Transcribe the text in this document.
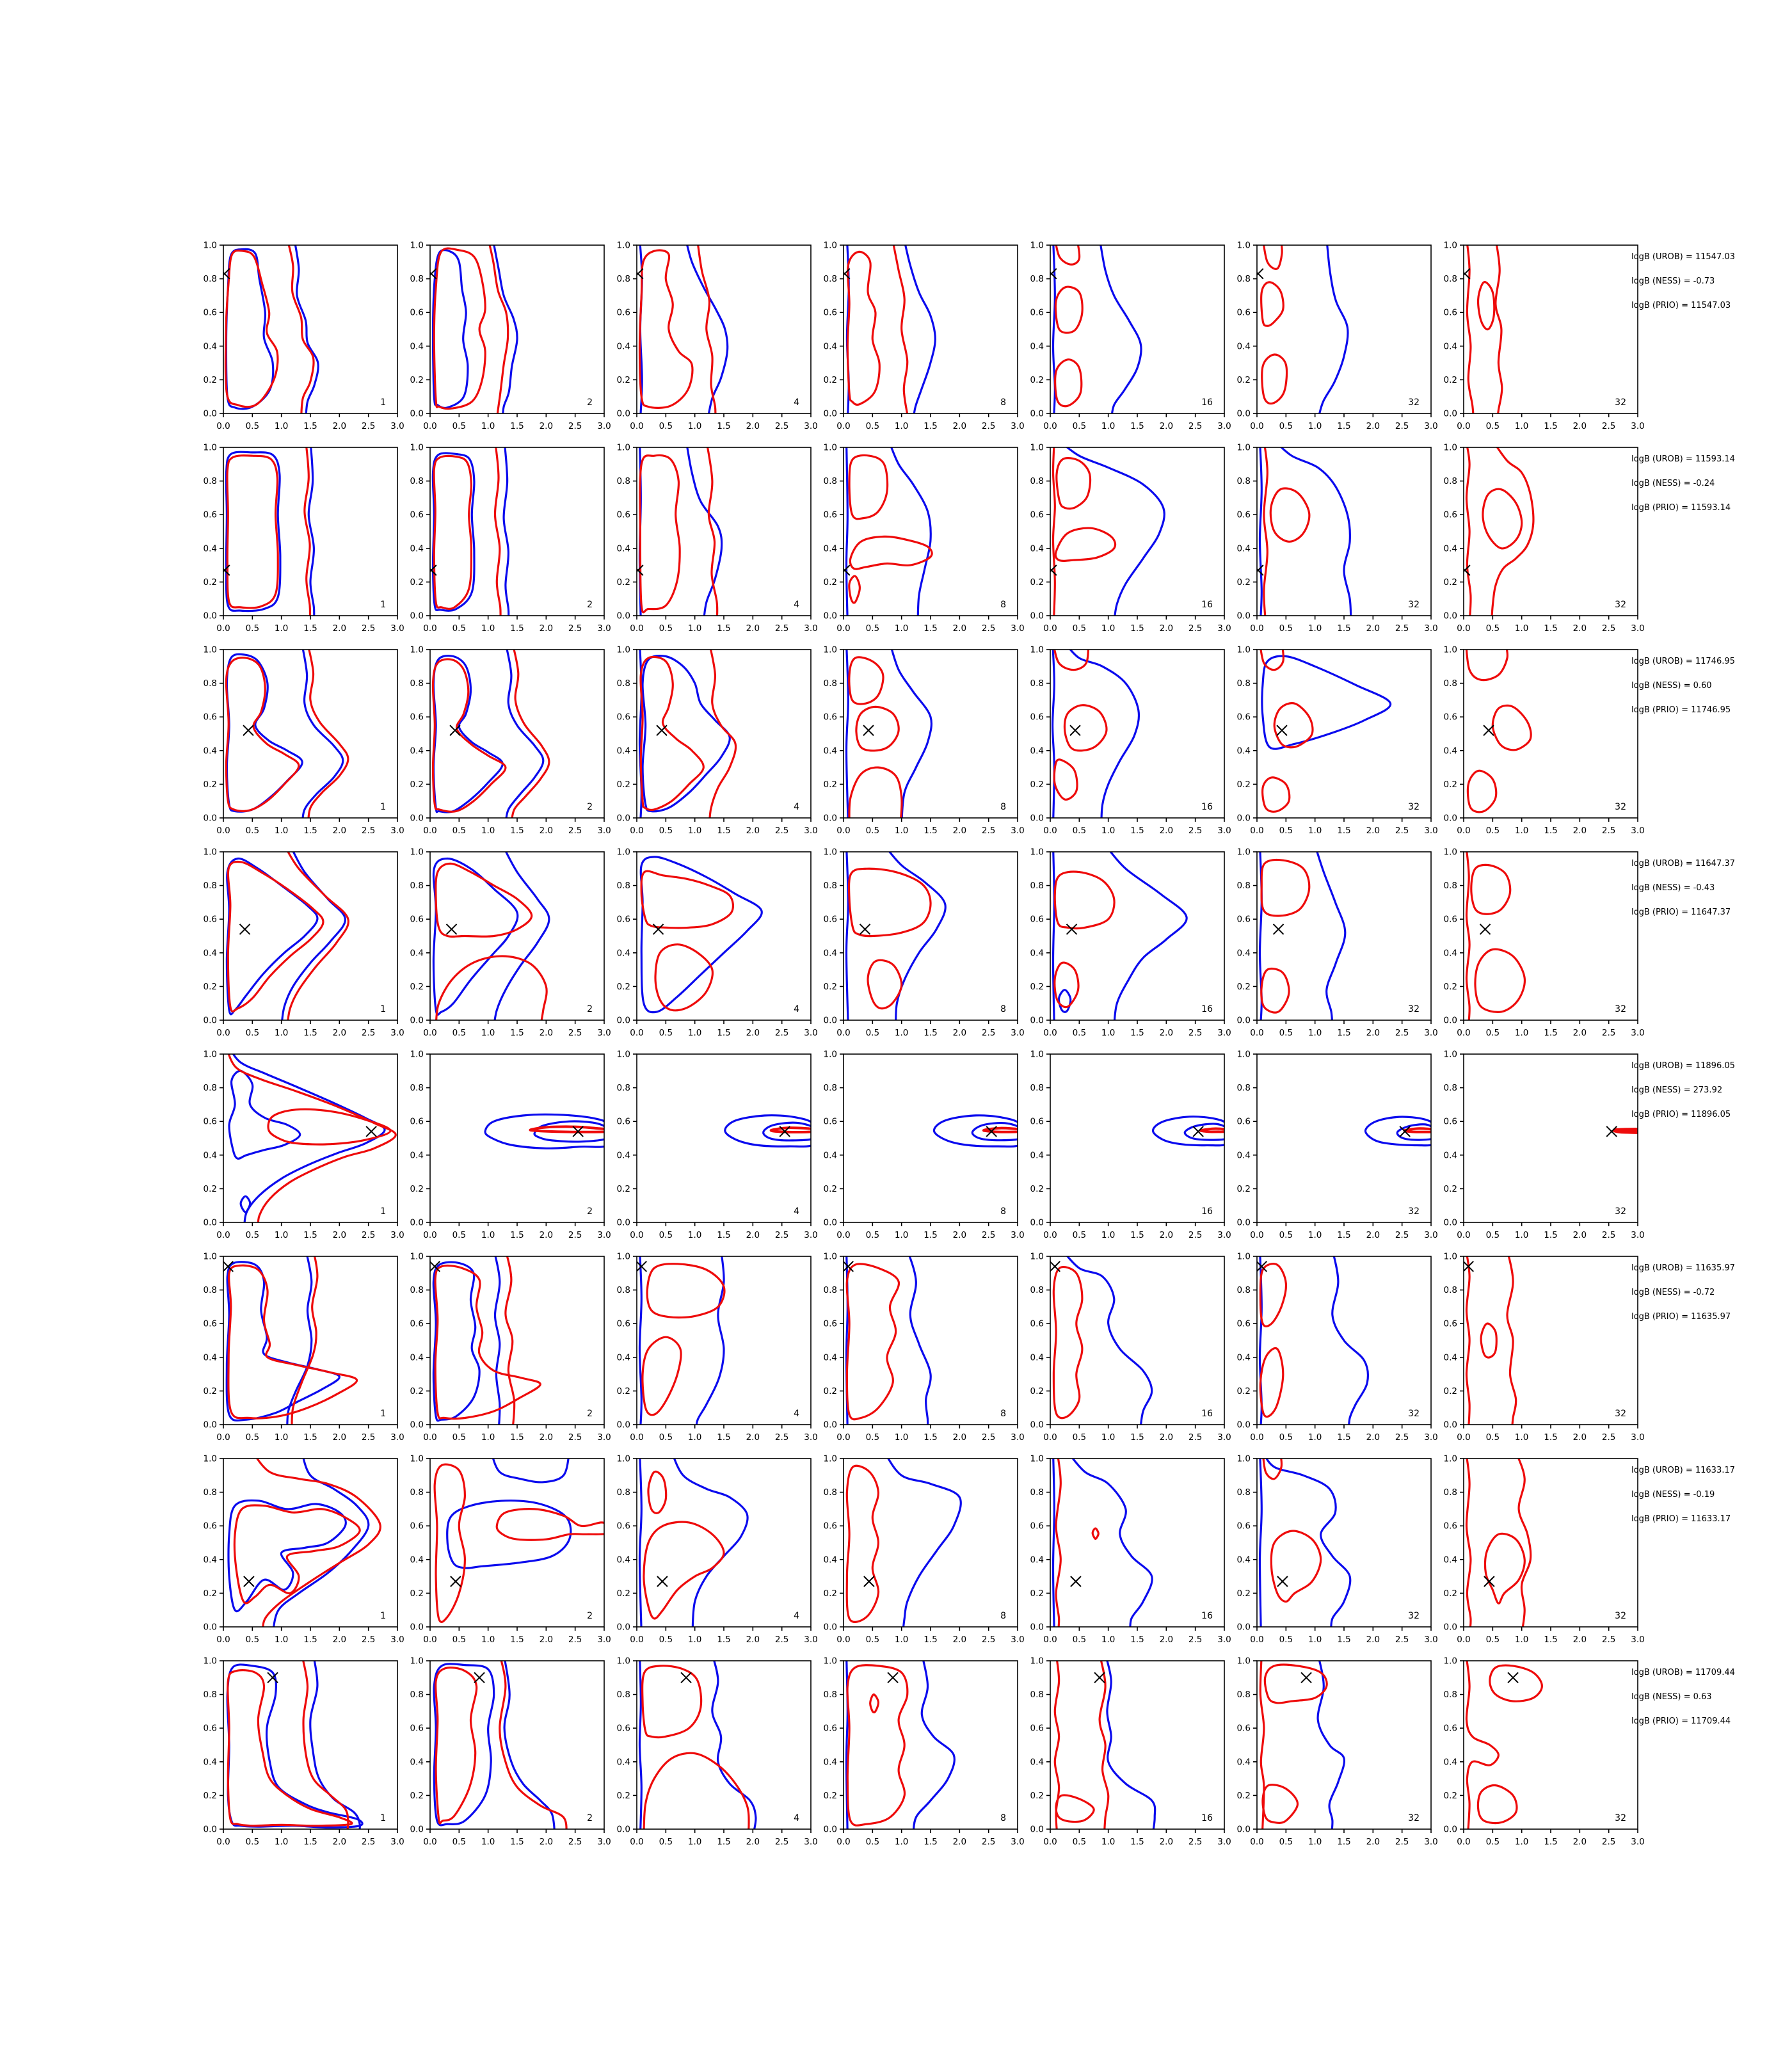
0.0 0.5 1.0 1.5 2.0 2.5 3.0
0.0
0.2
0.4
0.6
0.8
1.0
1
0.0 0.5 1.0 1.5 2.0 2.5 3.0
0.0
0.2
0.4
0.6
0.8
1.0
2
0.0 0.5 1.0 1.5 2.0 2.5 3.0
0.0
0.2
0.4
0.6
0.8
1.0
4
0.0 0.5 1.0 1.5 2.0 2.5 3.0
0.0
0.2
0.4
0.6
0.8
1.0
8
0.0 0.5 1.0 1.5 2.0 2.5 3.0
0.0
0.2
0.4
0.6
0.8
1.0
16
0.0 0.5 1.0 1.5 2.0 2.5 3.0
0.0
0.2
0.4
0.6
0.8
1.0
32
0.0 0.5 1.0 1.5 2.0 2.5 3.0
0.0
0.2
0.4
0.6
0.8
1.0
32
logB (UROB) = 11547.03
logB (NESS) = -0.73
logB (PRIO) = 11547.03
0.0 0.5 1.0 1.5 2.0 2.5 3.0
0.0
0.2
0.4
0.6
0.8
1.0
1
0.0 0.5 1.0 1.5 2.0 2.5 3.0
0.0
0.2
0.4
0.6
0.8
1.0
2
0.0 0.5 1.0 1.5 2.0 2.5 3.0
0.0
0.2
0.4
0.6
0.8
1.0
4
0.0 0.5 1.0 1.5 2.0 2.5 3.0
0.0
0.2
0.4
0.6
0.8
1.0
8
0.0 0.5 1.0 1.5 2.0 2.5 3.0
0.0
0.2
0.4
0.6
0.8
1.0
16
0.0 0.5 1.0 1.5 2.0 2.5 3.0
0.0
0.2
0.4
0.6
0.8
1.0
32
0.0 0.5 1.0 1.5 2.0 2.5 3.0
0.0
0.2
0.4
0.6
0.8
1.0
32
logB (UROB) = 11593.14
logB (NESS) = -0.24
logB (PRIO) = 11593.14
0.0 0.5 1.0 1.5 2.0 2.5 3.0
0.0
0.2
0.4
0.6
0.8
1.0
1
0.0 0.5 1.0 1.5 2.0 2.5 3.0
0.0
0.2
0.4
0.6
0.8
1.0
2
0.0 0.5 1.0 1.5 2.0 2.5 3.0
0.0
0.2
0.4
0.6
0.8
1.0
4
0.0 0.5 1.0 1.5 2.0 2.5 3.0
0.0
0.2
0.4
0.6
0.8
1.0
8
0.0 0.5 1.0 1.5 2.0 2.5 3.0
0.0
0.2
0.4
0.6
0.8
1.0
16
0.0 0.5 1.0 1.5 2.0 2.5 3.0
0.0
0.2
0.4
0.6
0.8
1.0
32
0.0 0.5 1.0 1.5 2.0 2.5 3.0
0.0
0.2
0.4
0.6
0.8
1.0
32
logB (UROB) = 11746.95
logB (NESS) = 0.60
logB (PRIO) = 11746.95
0.0 0.5 1.0 1.5 2.0 2.5 3.0
0.0
0.2
0.4
0.6
0.8
1.0
1
0.0 0.5 1.0 1.5 2.0 2.5 3.0
0.0
0.2
0.4
0.6
0.8
1.0
2
0.0 0.5 1.0 1.5 2.0 2.5 3.0
0.0
0.2
0.4
0.6
0.8
1.0
4
0.0 0.5 1.0 1.5 2.0 2.5 3.0
0.0
0.2
0.4
0.6
0.8
1.0
8
0.0 0.5 1.0 1.5 2.0 2.5 3.0
0.0
0.2
0.4
0.6
0.8
1.0
16
0.0 0.5 1.0 1.5 2.0 2.5 3.0
0.0
0.2
0.4
0.6
0.8
1.0
32
0.0 0.5 1.0 1.5 2.0 2.5 3.0
0.0
0.2
0.4
0.6
0.8
1.0
32
logB (UROB) = 11647.37
logB (NESS) = -0.43
logB (PRIO) = 11647.37
0.0 0.5 1.0 1.5 2.0 2.5 3.0
0.0
0.2
0.4
0.6
0.8
1.0
1
0.0 0.5 1.0 1.5 2.0 2.5 3.0
0.0
0.2
0.4
0.6
0.8
1.0
2
0.0 0.5 1.0 1.5 2.0 2.5 3.0
0.0
0.2
0.4
0.6
0.8
1.0
4
0.0 0.5 1.0 1.5 2.0 2.5 3.0
0.0
0.2
0.4
0.6
0.8
1.0
8
0.0 0.5 1.0 1.5 2.0 2.5 3.0
0.0
0.2
0.4
0.6
0.8
1.0
16
0.0 0.5 1.0 1.5 2.0 2.5 3.0
0.0
0.2
0.4
0.6
0.8
1.0
32
0.0 0.5 1.0 1.5 2.0 2.5 3.0
0.0
0.2
0.4
0.6
0.8
1.0
32
logB (UROB) = 11896.05
logB (NESS) = 273.92
logB (PRIO) = 11896.05
0.0 0.5 1.0 1.5 2.0 2.5 3.0
0.0
0.2
0.4
0.6
0.8
1.0
1
0.0 0.5 1.0 1.5 2.0 2.5 3.0
0.0
0.2
0.4
0.6
0.8
1.0
2
0.0 0.5 1.0 1.5 2.0 2.5 3.0
0.0
0.2
0.4
0.6
0.8
1.0
4
0.0 0.5 1.0 1.5 2.0 2.5 3.0
0.0
0.2
0.4
0.6
0.8
1.0
8
0.0 0.5 1.0 1.5 2.0 2.5 3.0
0.0
0.2
0.4
0.6
0.8
1.0
16
0.0 0.5 1.0 1.5 2.0 2.5 3.0
0.0
0.2
0.4
0.6
0.8
1.0
32
0.0 0.5 1.0 1.5 2.0 2.5 3.0
0.0
0.2
0.4
0.6
0.8
1.0
32
logB (UROB) = 11635.97
logB (NESS) = -0.72
logB (PRIO) = 11635.97
0.0 0.5 1.0 1.5 2.0 2.5 3.0
0.0
0.2
0.4
0.6
0.8
1.0
1
0.0 0.5 1.0 1.5 2.0 2.5 3.0
0.0
0.2
0.4
0.6
0.8
1.0
2
0.0 0.5 1.0 1.5 2.0 2.5 3.0
0.0
0.2
0.4
0.6
0.8
1.0
4
0.0 0.5 1.0 1.5 2.0 2.5 3.0
0.0
0.2
0.4
0.6
0.8
1.0
8
0.0 0.5 1.0 1.5 2.0 2.5 3.0
0.0
0.2
0.4
0.6
0.8
1.0
16
0.0 0.5 1.0 1.5 2.0 2.5 3.0
0.0
0.2
0.4
0.6
0.8
1.0
32
0.0 0.5 1.0 1.5 2.0 2.5 3.0
0.0
0.2
0.4
0.6
0.8
1.0
32
logB (UROB) = 11633.17
logB (NESS) = -0.19
logB (PRIO) = 11633.17
0.0 0.5 1.0 1.5 2.0 2.5 3.0
0.0
0.2
0.4
0.6
0.8
1.0
1
0.0 0.5 1.0 1.5 2.0 2.5 3.0
0.0
0.2
0.4
0.6
0.8
1.0
2
0.0 0.5 1.0 1.5 2.0 2.5 3.0
0.0
0.2
0.4
0.6
0.8
1.0
4
0.0 0.5 1.0 1.5 2.0 2.5 3.0
0.0
0.2
0.4
0.6
0.8
1.0
8
0.0 0.5 1.0 1.5 2.0 2.5 3.0
0.0
0.2
0.4
0.6
0.8
1.0
16
0.0 0.5 1.0 1.5 2.0 2.5 3.0
0.0
0.2
0.4
0.6
0.8
1.0
32
0.0 0.5 1.0 1.5 2.0 2.5 3.0
0.0
0.2
0.4
0.6
0.8
1.0
32
logB (UROB) = 11709.44
logB (NESS) = 0.63
logB (PRIO) = 11709.44
